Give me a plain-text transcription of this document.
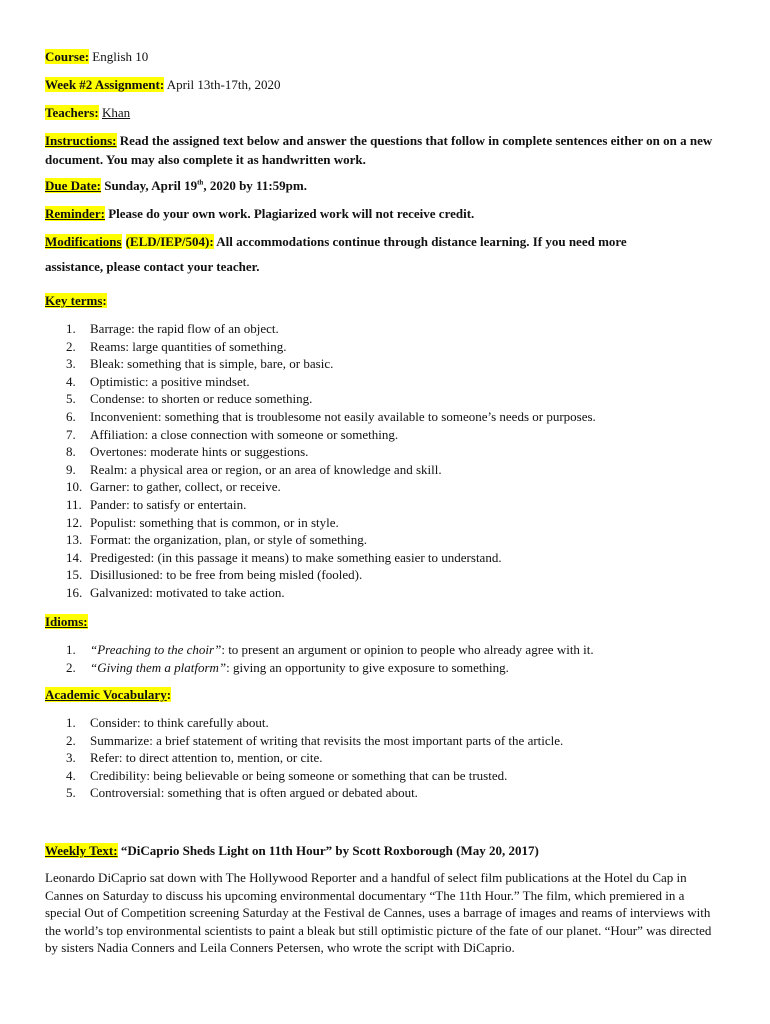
Course: English 10
Week #2 Assignment: April 13th-17th, 2020
Teachers: Khan
Instructions: Read the assigned text below and answer the questions that follow in complete sentences either on on a new document. You may also complete it as handwritten work.
Due Date: Sunday, April 19th, 2020 by 11:59pm.
Reminder: Please do your own work. Plagiarized work will not receive credit.
Modifications (ELD/IEP/504): All accommodations continue through distance learning. If you need more
assistance, please contact your teacher.
Key terms:
1.	Barrage: the rapid flow of an object.
2.	Reams: large quantities of something.
3.	Bleak: something that is simple, bare, or basic.
4.	Optimistic: a positive mindset.
5.	Condense: to shorten or reduce something.
6.	Inconvenient: something that is troublesome not easily available to someone’s needs or purposes.
7.	Affiliation: a close connection with someone or something.
8.	Overtones: moderate hints or suggestions.
9.	Realm: a physical area or region, or an area of knowledge and skill.
10. Garner: to gather, collect, or receive.
11. Pander: to satisfy or entertain.
12. Populist: something that is common, or in style.
13. Format: the organization, plan, or style of something.
14. Predigested: (in this passage it means) to make something easier to understand.
15. Disillusioned: to be free from being misled (fooled).
16. Galvanized: motivated to take action.
Idioms:
1.	“Preaching to the choir”: to present an argument or opinion to people who already agree with it.
2.	“Giving them a platform”: giving an opportunity to give exposure to something.
Academic Vocabulary:
1.	Consider: to think carefully about.
2.	Summarize: a brief statement of writing that revisits the most important parts of the article.
3.	Refer: to direct attention to, mention, or cite.
4.	Credibility: being believable or being someone or something that can be trusted.
5.	Controversial: something that is often argued or debated about.
Weekly Text: “DiCaprio Sheds Light on 11th Hour” by Scott Roxborough (May 20, 2017)
Leonardo DiCaprio sat down with The Hollywood Reporter and a handful of select film publications at the Hotel du Cap in Cannes on Saturday to discuss his upcoming environmental documentary “The 11th Hour.” The film, which premiered in a special Out of Competition screening Saturday at the Festival de Cannes, uses a barrage of images and reams of interviews with the world’s top environmental scientists to paint a bleak but still optimistic picture of the fate of our planet. “Hour” was directed by sisters Nadia Conners and Leila Conners Petersen, who wrote the script with DiCaprio.
